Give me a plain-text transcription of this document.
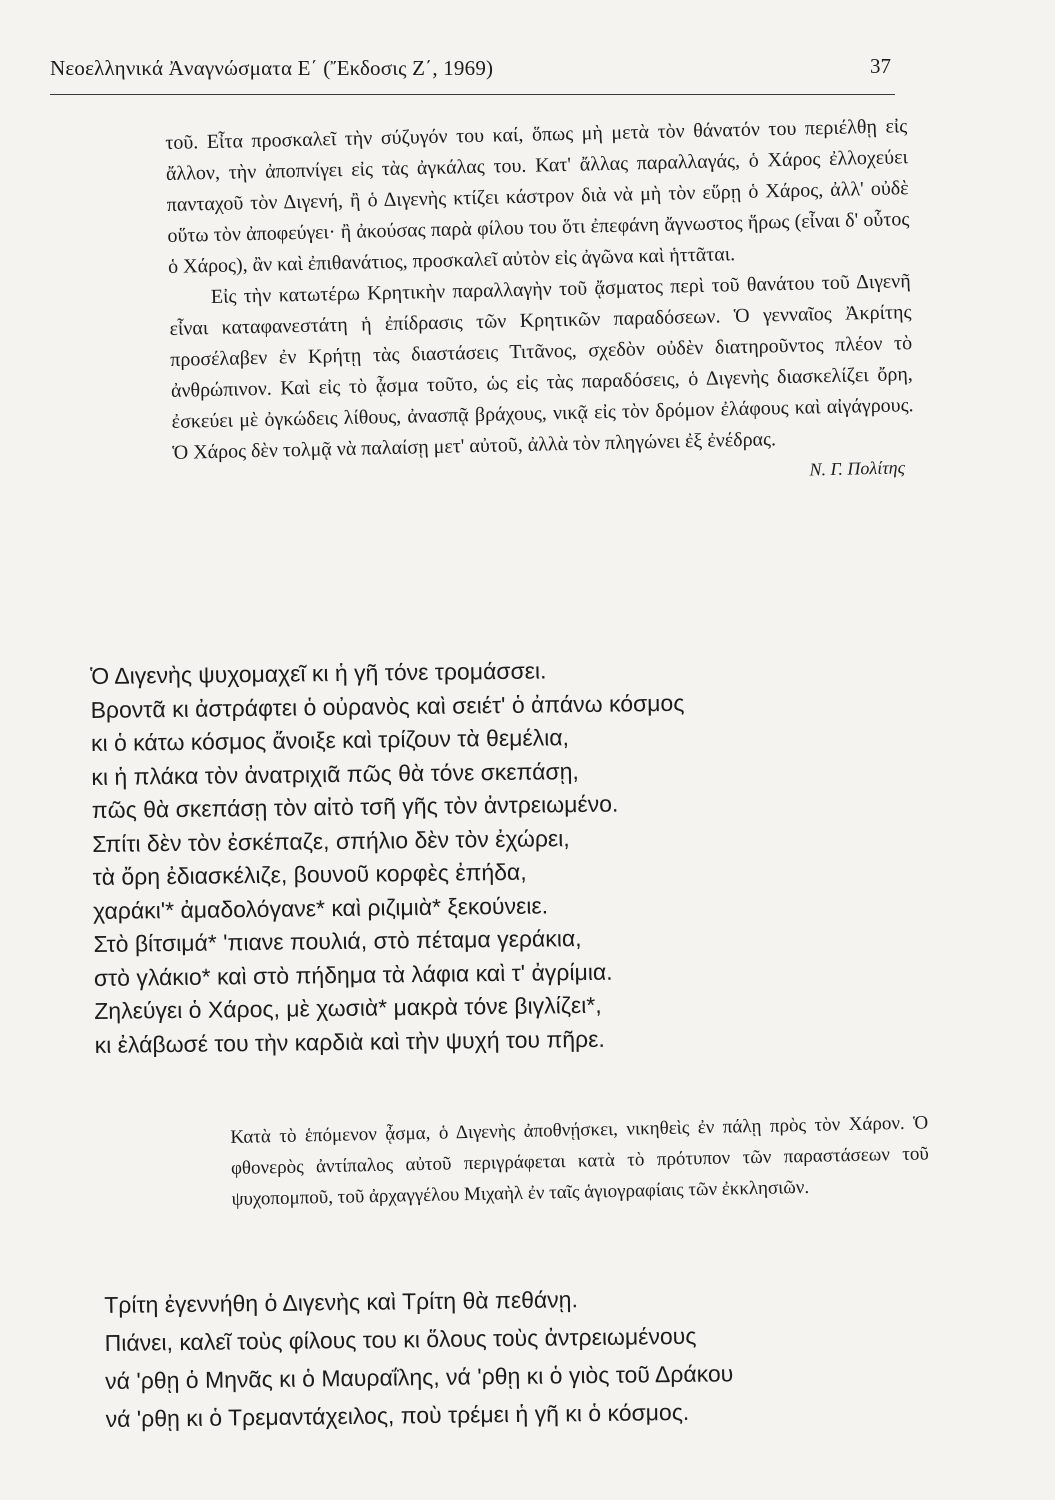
Νεοελληνικά Ἀναγνώσματα Ε΄ (Ἔκδοσις Ζ΄, 1969)	37

τοῦ. Εἶτα προσκαλεῖ τὴν σύζυγόν του καί, ὅπως μὴ μετὰ τὸν θάνατόν του περιέλθῃ εἰς ἄλλον, τὴν ἀποπνίγει εἰς τὰς ἀγκάλας του. Κατ' ἄλλας παραλλαγάς, ὁ Χάρος ἐλλοχεύει πανταχοῦ τὸν Διγενή, ἢ ὁ Διγενὴς κτίζει κάστρον διὰ νὰ μὴ τὸν εὕρῃ ὁ Χάρος, ἀλλ' οὐδὲ οὕτω τὸν ἀποφεύγει· ἢ ἀκούσας παρὰ φίλου του ὅτι ἐπεφάνη ἄγνωστος ἥρως (εἶναι δ' οὗτος ὁ Χάρος), ἂν καὶ ἐπιθανάτιος, προσκαλεῖ αὐτὸν εἰς ἀγῶνα καὶ ἡττᾶται.

Εἰς τὴν κατωτέρω Κρητικὴν παραλλαγὴν τοῦ ᾄσματος περὶ τοῦ θανάτου τοῦ Διγενῆ εἶναι καταφανεστάτη ἡ ἐπίδρασις τῶν Κρητικῶν παραδόσεων. Ὁ γενναῖος Ἀκρίτης προσέλαβεν ἐν Κρήτῃ τὰς διαστάσεις Τιτᾶνος, σχεδὸν οὐδὲν διατηροῦντος πλέον τὸ ἀνθρώπινον. Καὶ εἰς τὸ ᾆσμα τοῦτο, ὡς εἰς τὰς παραδόσεις, ὁ Διγενὴς διασκελίζει ὄρη, ἐσκεύει μὲ ὀγκώδεις λίθους, ἀνασπᾷ βράχους, νικᾷ εἰς τὸν δρόμον ἐλάφους καὶ αἰγάγρους. Ὁ Χάρος δὲν τολμᾷ νὰ παλαίσῃ μετ' αὐτοῦ, ἀλλὰ τὸν πληγώνει ἐξ ἐνέδρας.

Ν. Γ. Πολίτης

Ὁ Διγενὴς ψυχομαχεῖ κι ἡ γῆ τόνε τρομάσσει.
Βροντᾶ κι ἀστράφτει ὁ οὐρανὸς καὶ σειέτ' ὁ ἀπάνω κόσμος
κι ὁ κάτω κόσμος ἄνοιξε καὶ τρίζουν τὰ θεμέλια,
κι ἡ πλάκα τὸν ἀνατριχιᾶ πῶς θὰ τόνε σκεπάσῃ,
πῶς θὰ σκεπάσῃ τὸν αἰτὸ τσῆ γῆς τὸν ἀντρειωμένο.
Σπίτι δὲν τὸν ἐσκέπαζε, σπήλιο δὲν τὸν ἐχώρει,
τὰ ὄρη ἐδιασκέλιζε, βουνοῦ κορφὲς ἐπήδα,
χαράκι'* ἀμαδολόγανε* καὶ ριζιμιὰ* ξεκούνειε.
Στὸ βίτσιμά* 'πιανε πουλιά, στὸ πέταμα γεράκια,
στὸ γλάκιο* καὶ στὸ πήδημα τὰ λάφια καὶ τ' ἀγρίμια.
Ζηλεύγει ὁ Χάρος, μὲ χωσιὰ* μακρὰ τόνε βιγλίζει*,
κι ἐλάβωσέ του τὴν καρδιὰ καὶ τὴν ψυχή του πῆρε.

Κατὰ τὸ ἑπόμενον ᾆσμα, ὁ Διγενὴς ἀποθνῄσκει, νικηθεὶς ἐν πάλῃ πρὸς τὸν Χάρον. Ὁ φθονερὸς ἀντίπαλος αὐτοῦ περιγράφεται κατὰ τὸ πρότυπον τῶν παραστάσεων τοῦ ψυχοπομποῦ, τοῦ ἀρχαγγέλου Μιχαὴλ ἐν ταῖς ἁγιογραφίαις τῶν ἐκκλησιῶν.

Τρίτη ἐγεννήθη ὁ Διγενὴς καὶ Τρίτη θὰ πεθάνῃ.
Πιάνει, καλεῖ τοὺς φίλους του κι ὅλους τοὺς ἀντρειωμένους
νά 'ρθῃ ὁ Μηνᾶς κι ὁ Μαυραΐλης, νά 'ρθῃ κι ὁ γιὸς τοῦ Δράκου
νά 'ρθῃ κι ὁ Τρεμαντάχειλος, ποὺ τρέμει ἡ γῆ κι ὁ κόσμος.
